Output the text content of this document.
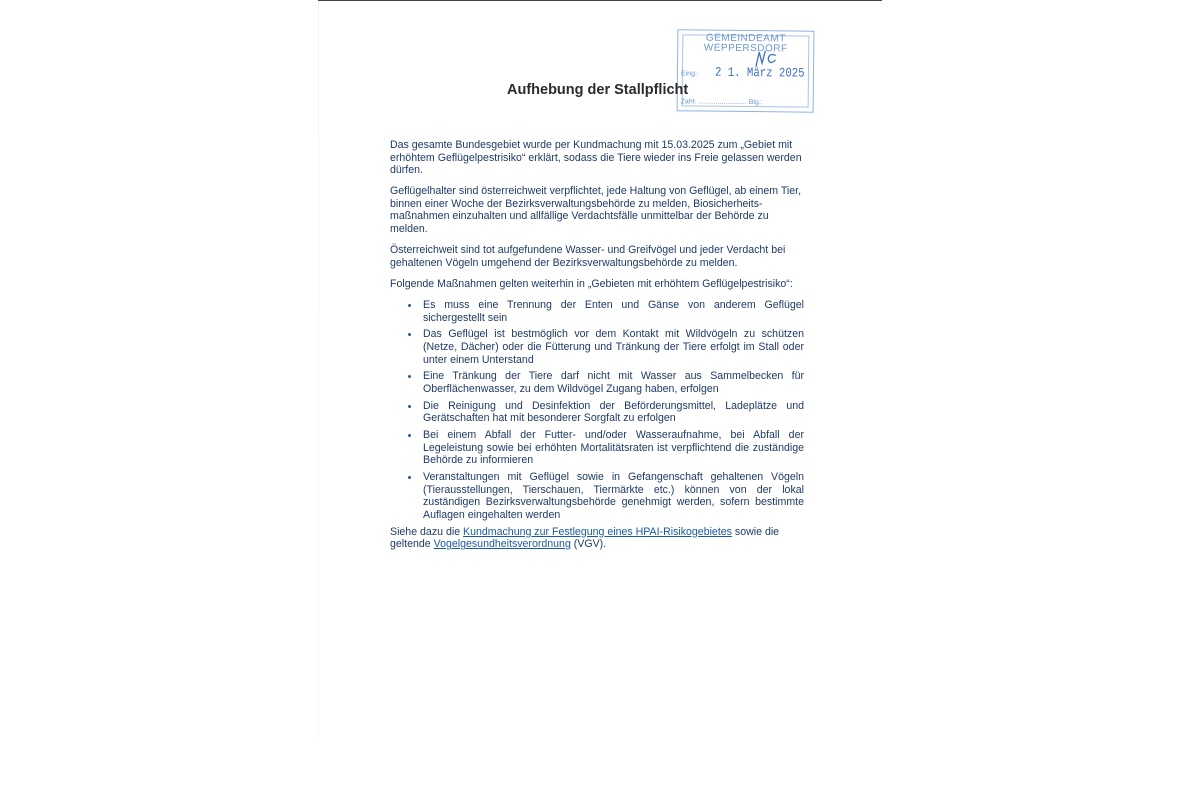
GEMEINDEAMT
WEPPERSDORF
Eing.: 2 1. März 2025
Zahl: ......................... Blg.:
Aufhebung der Stallpflicht

Das gesamte Bundesgebiet wurde per Kundmachung mit 15.03.2025 zum „Gebiet mit erhöhtem Geflügelpestrisiko“ erklärt, sodass die Tiere wieder ins Freie gelassen werden dürfen.

Geflügelhalter sind österreichweit verpflichtet, jede Haltung von Geflügel, ab einem Tier, binnen einer Woche der Bezirksverwaltungsbehörde zu melden, Biosicherheits-maßnahmen einzuhalten und allfällige Verdachtsfälle unmittelbar der Behörde zu melden.

Österreichweit sind tot aufgefundene Wasser- und Greifvögel und jeder Verdacht bei gehaltenen Vögeln umgehend der Bezirksverwaltungsbehörde zu melden.

Folgende Maßnahmen gelten weiterhin in „Gebieten mit erhöhtem Geflügelpestrisiko“:

Es muss eine Trennung der Enten und Gänse von anderem Geflügel sichergestellt sein
Das Geflügel ist bestmöglich vor dem Kontakt mit Wildvögeln zu schützen (Netze, Dächer) oder die Fütterung und Tränkung der Tiere erfolgt im Stall oder unter einem Unterstand
Eine Tränkung der Tiere darf nicht mit Wasser aus Sammelbecken für Oberflächenwasser, zu dem Wildvögel Zugang haben, erfolgen
Die Reinigung und Desinfektion der Beförderungsmittel, Ladeplätze und Gerätschaften hat mit besonderer Sorgfalt zu erfolgen
Bei einem Abfall der Futter- und/oder Wasseraufnahme, bei Abfall der Legeleistung sowie bei erhöhten Mortalitätsraten ist verpflichtend die zuständige Behörde zu informieren
Veranstaltungen mit Geflügel sowie in Gefangenschaft gehaltenen Vögeln (Tierausstellungen, Tierschauen, Tiermärkte etc.) können von der lokal zuständigen Bezirksverwaltungsbehörde genehmigt werden, sofern bestimmte Auflagen eingehalten werden

Siehe dazu die Kundmachung zur Festlegung eines HPAI-Risikogebietes sowie die geltende Vogelgesundheitsverordnung (VGV).
